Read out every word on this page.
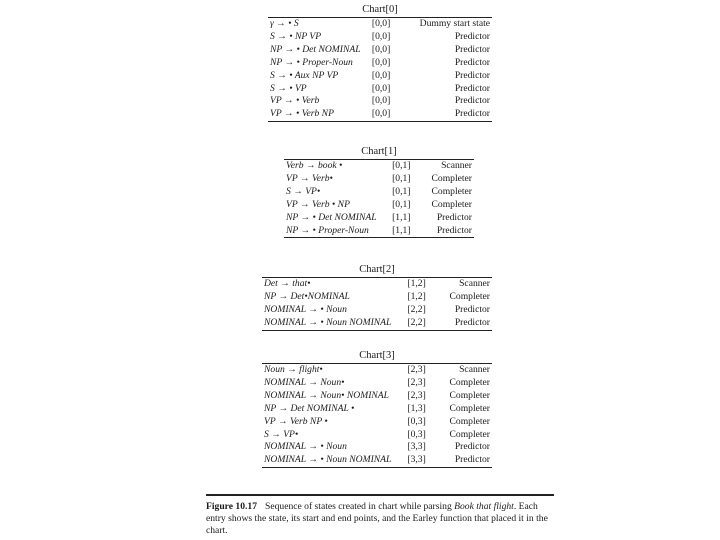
Chart[0]
γ → • S	[0,0]	Dummy start state
S → • NP VP	[0,0]	Predictor
NP → • Det NOMINAL	[0,0]	Predictor
NP → • Proper-Noun	[0,0]	Predictor
S → • Aux NP VP	[0,0]	Predictor
S → • VP	[0,0]	Predictor
VP → • Verb	[0,0]	Predictor
VP → • Verb NP	[0,0]	Predictor
Chart[1]
Verb → book •	[0,1]	Scanner
VP → Verb•	[0,1]	Completer
S → VP•	[0,1]	Completer
VP → Verb • NP	[0,1]	Completer
NP → • Det NOMINAL	[1,1]	Predictor
NP → • Proper-Noun	[1,1]	Predictor
Chart[2]
Det → that•	[1,2]	Scanner
NP → Det•NOMINAL	[1,2]	Completer
NOMINAL → • Noun	[2,2]	Predictor
NOMINAL → • Noun NOMINAL	[2,2]	Predictor
Chart[3]
Noun → flight•	[2,3]	Scanner
NOMINAL → Noun•	[2,3]	Completer
NOMINAL → Noun• NOMINAL	[2,3]	Completer
NP → Det NOMINAL •	[1,3]	Completer
VP → Verb NP •	[0,3]	Completer
S → VP•	[0,3]	Completer
NOMINAL → • Noun	[3,3]	Predictor
NOMINAL → • Noun NOMINAL	[3,3]	Predictor
Figure 10.17 Sequence of states created in chart while parsing Book that flight. Each entry shows the state, its start and end points, and the Earley function that placed it in the chart.
